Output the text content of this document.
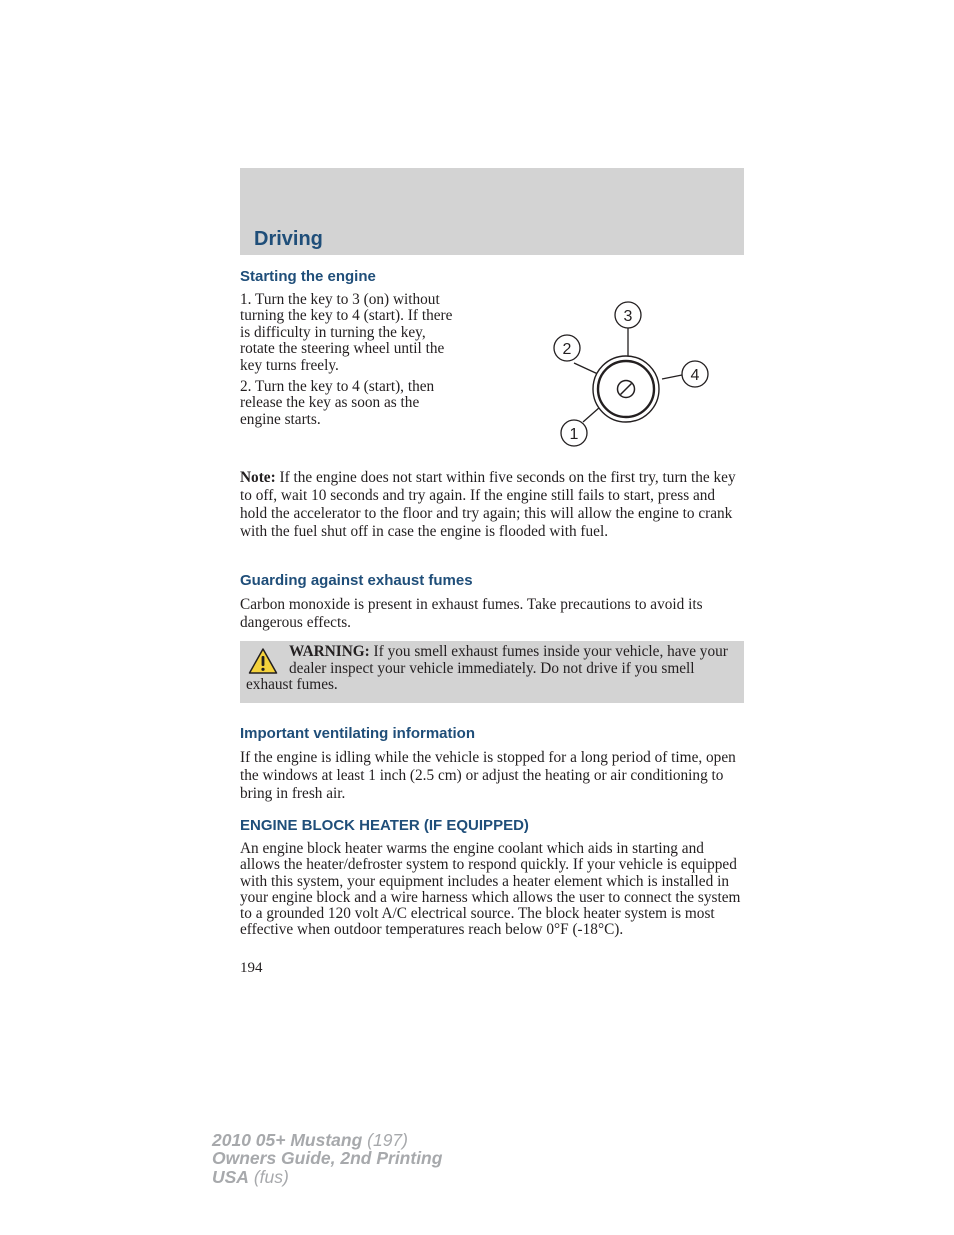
Driving
Starting the engine
1. Turn the key to 3 (on) without
turning the key to 4 (start). If there
is difficulty in turning the key,
rotate the steering wheel until the
key turns freely.
2. Turn the key to 4 (start), then
release the key as soon as the
engine starts.
3
2
4
1
Note: If the engine does not start within five seconds on the first try, turn the key to off, wait 10 seconds and try again. If the engine still fails to start, press and hold the accelerator to the floor and try again; this will allow the engine to crank with the fuel shut off in case the engine is flooded with fuel.
Guarding against exhaust fumes
Carbon monoxide is present in exhaust fumes. Take precautions to avoid its dangerous effects.
WARNING: If you smell exhaust fumes inside your vehicle, have your dealer inspect your vehicle immediately. Do not drive if you smell exhaust fumes.
Important ventilating information
If the engine is idling while the vehicle is stopped for a long period of time, open the windows at least 1 inch (2.5 cm) or adjust the heating or air conditioning to bring in fresh air.
ENGINE BLOCK HEATER (IF EQUIPPED)
An engine block heater warms the engine coolant which aids in starting and allows the heater/defroster system to respond quickly. If your vehicle is equipped with this system, your equipment includes a heater element which is installed in your engine block and a wire harness which allows the user to connect the system to a grounded 120 volt A/C electrical source. The block heater system is most effective when outdoor temperatures reach below 0°F (-18°C).
194
2010 05+ Mustang (197)
Owners Guide, 2nd Printing
USA (fus)
